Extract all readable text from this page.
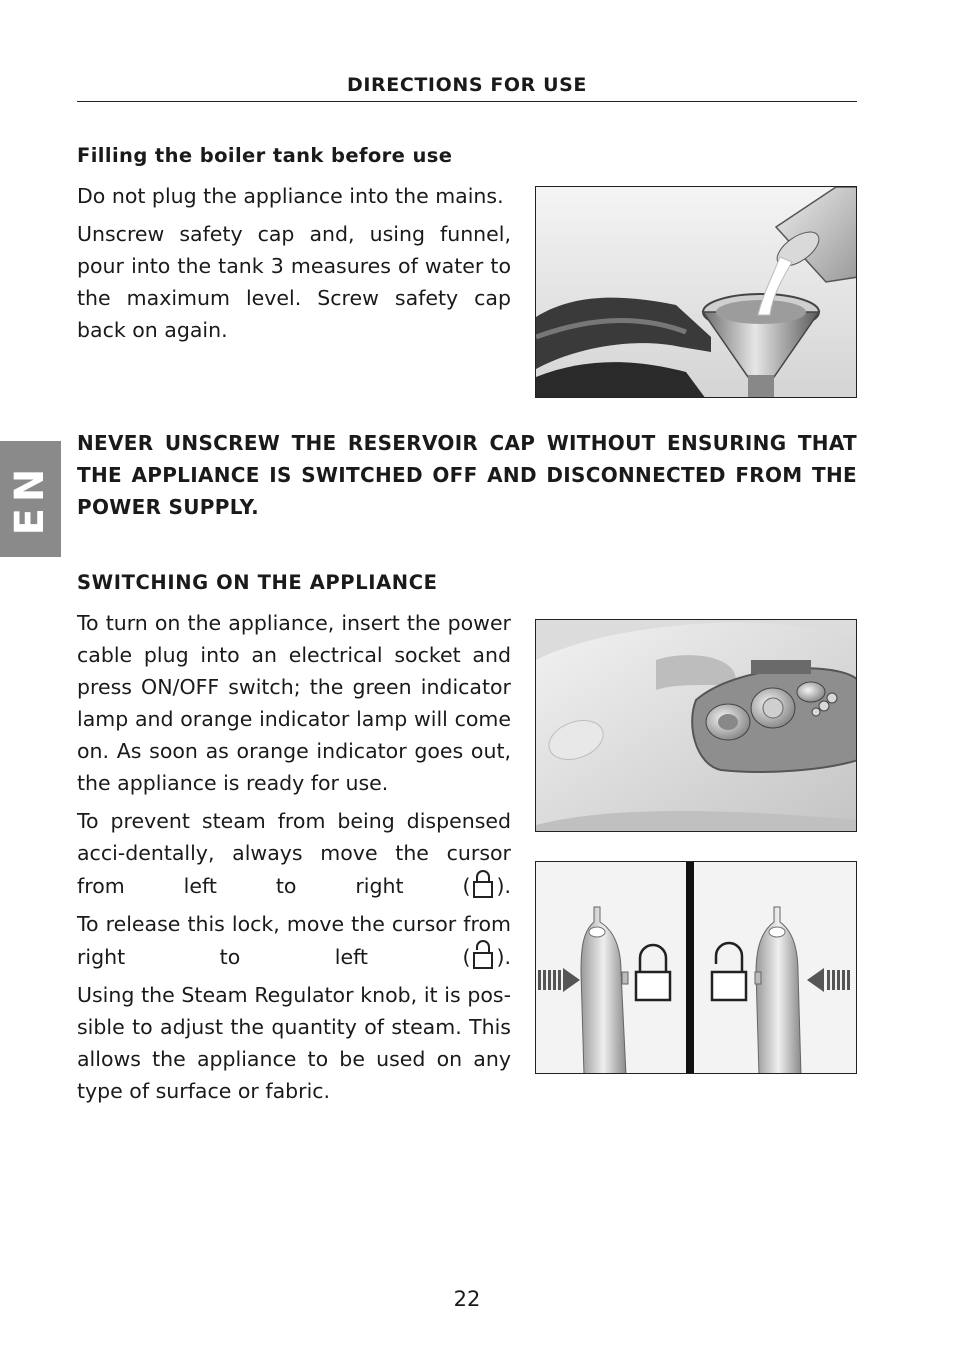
DIRECTIONS FOR USE
EN
Filling the boiler tank before use

Do not plug the appliance into the mains.

Unscrew safety cap and, using funnel, pour into the tank 3 measures of water to the maximum level. Screw safety cap back on again.

NEVER UNSCREW THE RESERVOIR CAP WITHOUT ENSURING THAT THE APPLIANCE IS SWITCHED OFF AND DISCONNECTED FROM THE POWER SUPPLY.
SWITCHING ON THE APPLIANCE

To turn on the appliance, insert the power cable plug into an electrical socket and press ON/OFF switch; the green indicator lamp and orange indicator lamp will come on. As soon as orange indicator goes out, the appliance is ready for use.

To prevent steam from being dispensed acci-dentally, always move the cursor from left to right ( ).

To release this lock, move the cursor from right to left ( ).

Using the Steam Regulator knob, it is pos-sible to adjust the quantity of steam. This allows the appliance to be used on any type of surface or fabric.

22
